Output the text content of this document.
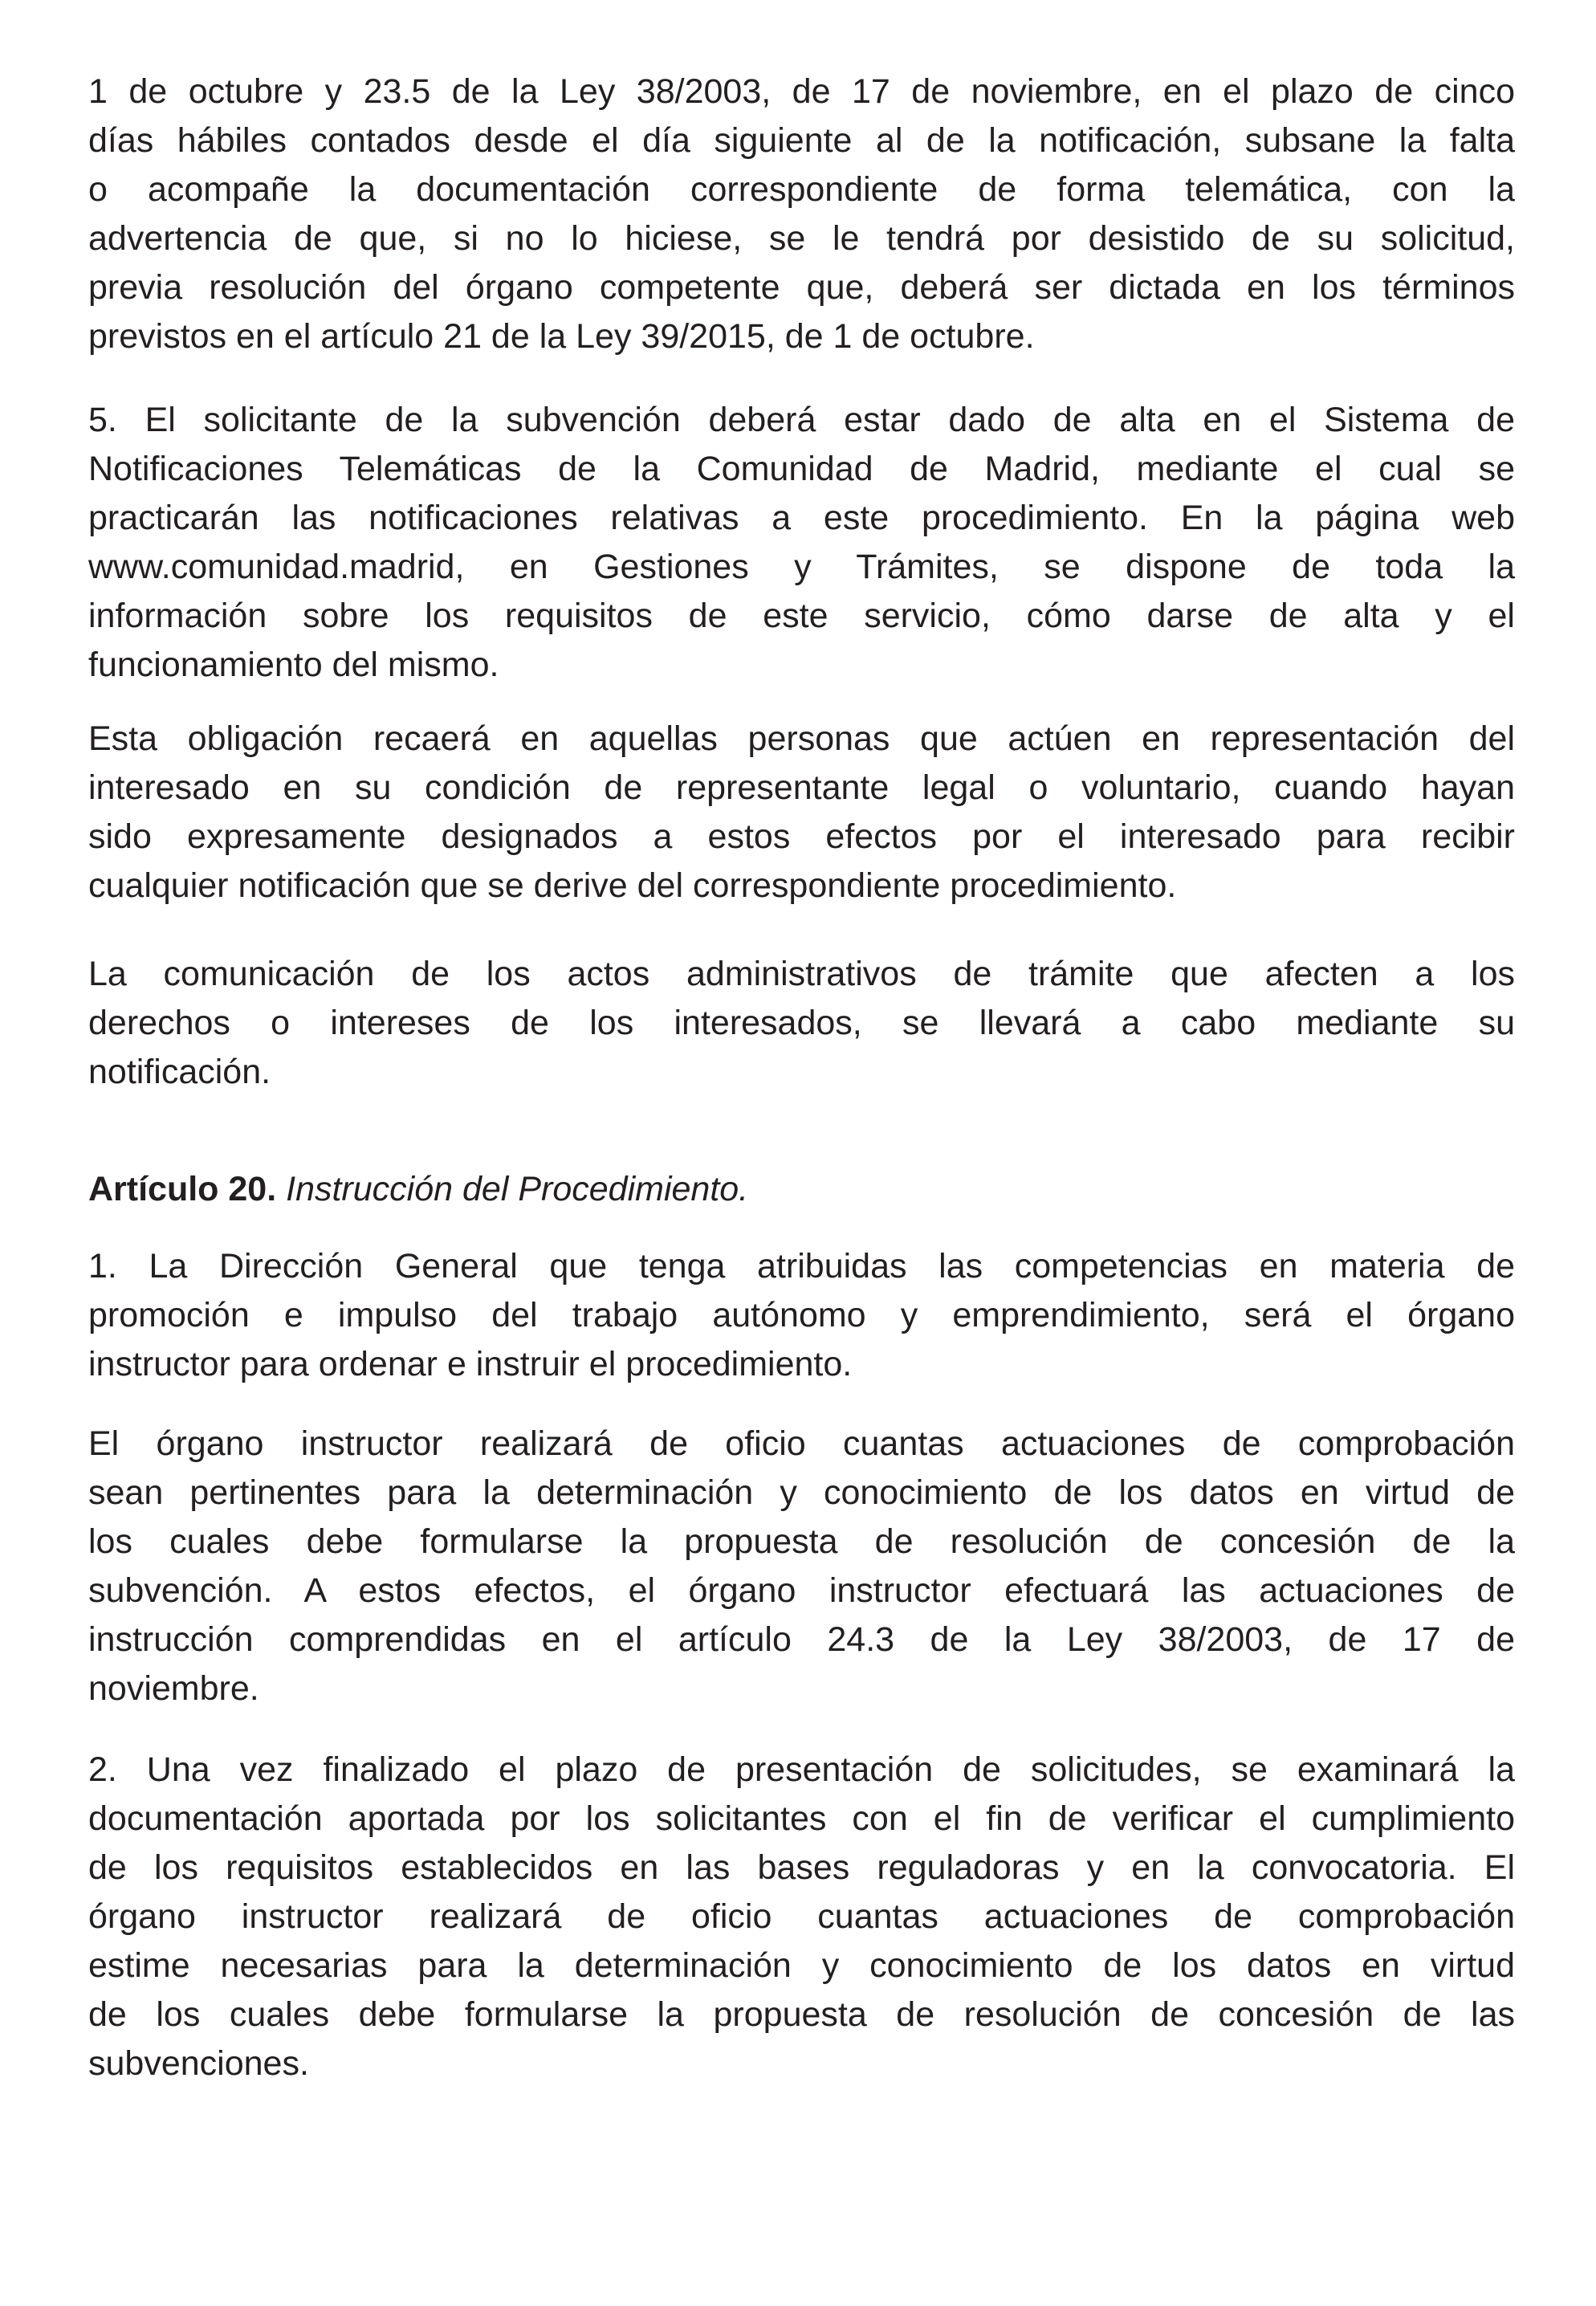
1 de octubre y 23.5 de la Ley 38/2003, de 17 de noviembre, en el plazo de cinco
días hábiles contados desde el día siguiente al de la notificación, subsane la falta
o acompañe la documentación correspondiente de forma telemática, con la
advertencia de que, si no lo hiciese, se le tendrá por desistido de su solicitud,
previa resolución del órgano competente que, deberá ser dictada en los términos
previstos en el artículo 21 de la Ley 39/2015, de 1 de octubre.
5. El solicitante de la subvención deberá estar dado de alta en el Sistema de
Notificaciones Telemáticas de la Comunidad de Madrid, mediante el cual se
practicarán las notificaciones relativas a este procedimiento. En la página web
www.comunidad.madrid, en Gestiones y Trámites, se dispone de toda la
información sobre los requisitos de este servicio, cómo darse de alta y el
funcionamiento del mismo.
Esta obligación recaerá en aquellas personas que actúen en representación del
interesado en su condición de representante legal o voluntario, cuando hayan
sido expresamente designados a estos efectos por el interesado para recibir
cualquier notificación que se derive del correspondiente procedimiento.
La comunicación de los actos administrativos de trámite que afecten a los
derechos o intereses de los interesados, se llevará a cabo mediante su
notificación.
Artículo 20. Instrucción del Procedimiento.
1. La Dirección General que tenga atribuidas las competencias en materia de
promoción e impulso del trabajo autónomo y emprendimiento, será el órgano
instructor para ordenar e instruir el procedimiento.
El órgano instructor realizará de oficio cuantas actuaciones de comprobación
sean pertinentes para la determinación y conocimiento de los datos en virtud de
los cuales debe formularse la propuesta de resolución de concesión de la
subvención. A estos efectos, el órgano instructor efectuará las actuaciones de
instrucción comprendidas en el artículo 24.3 de la Ley 38/2003, de 17 de
noviembre.
2. Una vez finalizado el plazo de presentación de solicitudes, se examinará la
documentación aportada por los solicitantes con el fin de verificar el cumplimiento
de los requisitos establecidos en las bases reguladoras y en la convocatoria. El
órgano instructor realizará de oficio cuantas actuaciones de comprobación
estime necesarias para la determinación y conocimiento de los datos en virtud
de los cuales debe formularse la propuesta de resolución de concesión de las
subvenciones.
